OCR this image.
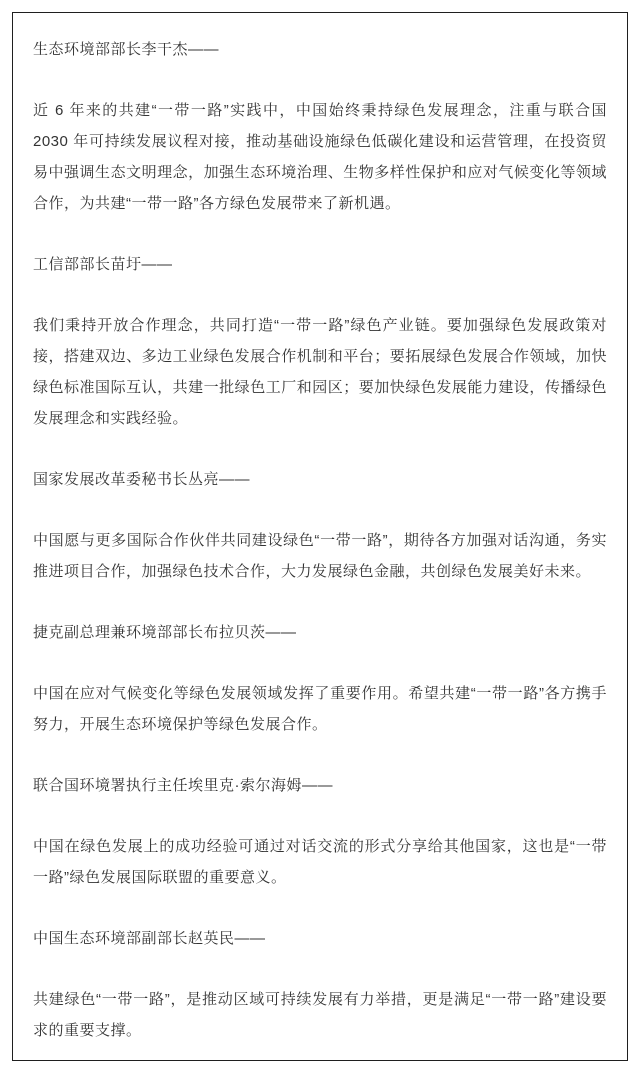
生态环境部部长李干杰——

近 6 年来的共建“一带一路”实践中，中国始终秉持绿色发展理念，注重与联合国 2030 年可持续发展议程对接，推动基础设施绿色低碳化建设和运营管理，在投资贸易中强调生态文明理念，加强生态环境治理、生物多样性保护和应对气候变化等领域合作，为共建“一带一路”各方绿色发展带来了新机遇。

工信部部长苗圩——

我们秉持开放合作理念，共同打造“一带一路”绿色产业链。要加强绿色发展政策对接，搭建双边、多边工业绿色发展合作机制和平台；要拓展绿色发展合作领域，加快绿色标准国际互认，共建一批绿色工厂和园区；要加快绿色发展能力建设，传播绿色发展理念和实践经验。

国家发展改革委秘书长丛亮——

中国愿与更多国际合作伙伴共同建设绿色“一带一路”，期待各方加强对话沟通，务实推进项目合作，加强绿色技术合作，大力发展绿色金融，共创绿色发展美好未来。

捷克副总理兼环境部部长布拉贝茨——

中国在应对气候变化等绿色发展领域发挥了重要作用。希望共建“一带一路”各方携手努力，开展生态环境保护等绿色发展合作。

联合国环境署执行主任埃里克·索尔海姆——

中国在绿色发展上的成功经验可通过对话交流的形式分享给其他国家，这也是“一带一路”绿色发展国际联盟的重要意义。

中国生态环境部副部长赵英民——

共建绿色“一带一路”，是推动区域可持续发展有力举措，更是满足“一带一路”建设要求的重要支撑。
